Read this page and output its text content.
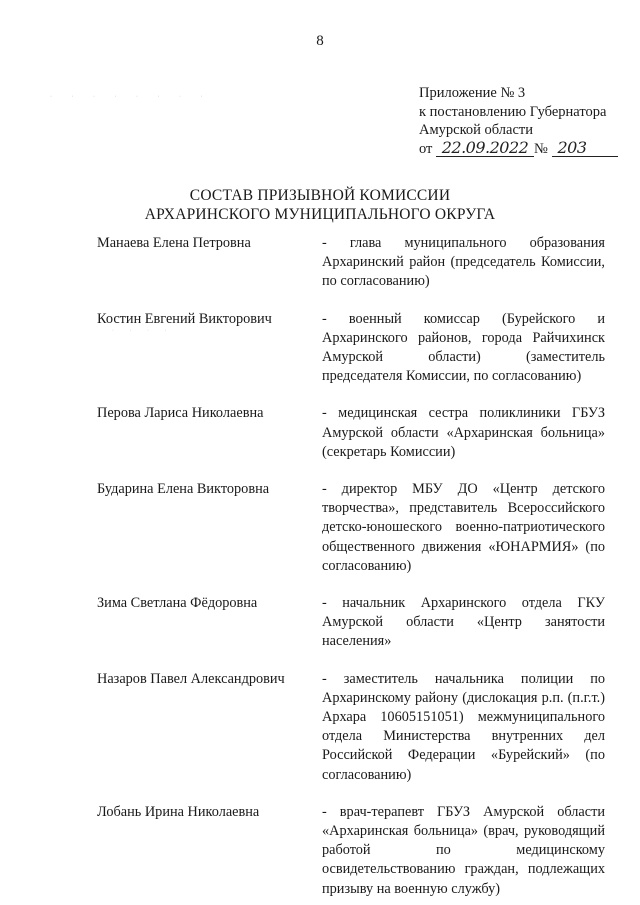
8
· · · · · · · ·
· · · ·
Приложение № 3
к постановлению Губернатора
Амурской области
от 22.09.2022 № 203
СОСТАВ ПРИЗЫВНОЙ КОМИССИИ
АРХАРИНСКОГО МУНИЦИПАЛЬНОГО ОКРУГА
Манаева Елена Петровна	- глава муниципального образования Архаринский район (председатель Комиссии, по согласованию)
Костин Евгений Викторович	- военный комиссар (Бурейского и Архаринского районов, города Райчихинск Амурской области) (заместитель председателя Комиссии, по согласованию)
Перова Лариса Николаевна	- медицинская сестра поликлиники ГБУЗ Амурской области «Архаринская больница» (секретарь Комиссии)
Бударина Елена Викторовна	- директор МБУ ДО «Центр детского творчества», представитель Всероссийского детско-юношеского военно-патриотического общественного движения «ЮНАРМИЯ» (по согласованию)
Зима Светлана Фёдоровна	- начальник Архаринского отдела ГКУ Амурской области «Центр занятости населения»
Назаров Павел Александрович	- заместитель начальника полиции по Архаринскому району (дислокация р.п. (п.г.т.) Архара 10605151051) межмуниципального отдела Министерства внутренних дел Российской Федерации «Бурейский» (по согласованию)
Лобань Ирина Николаевна	- врач-терапевт ГБУЗ Амурской области «Архаринская больница» (врач, руководящий работой по медицинскому освидетельствованию граждан, подлежащих призыву на военную службу)
